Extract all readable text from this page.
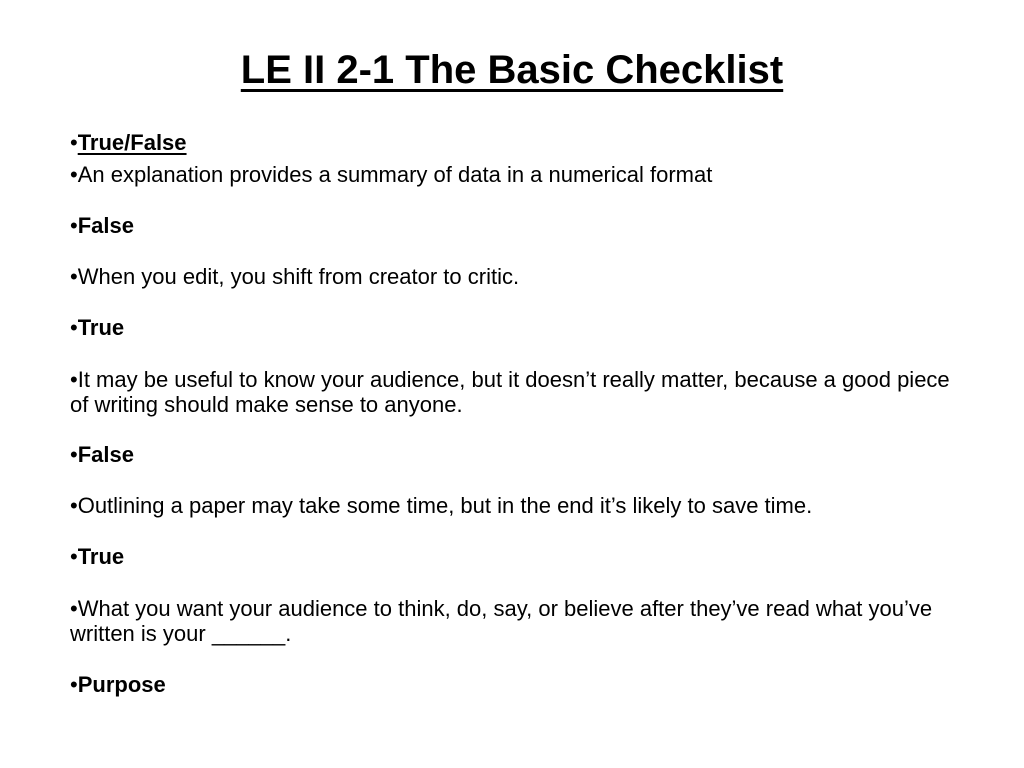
LE II 2-1 The Basic Checklist

•True/False

•An explanation provides a summary of data in a numerical format

•False

•When you edit, you shift from creator to critic.

•True

•It may be useful to know your audience, but it doesn’t really matter, because a good piece of writing should make sense to anyone.

•False

•Outlining a paper may take some time, but in the end it’s likely to save time.

•True

•What you want your audience to think, do, say, or believe after they’ve read what you’ve written is your ______.

•Purpose
